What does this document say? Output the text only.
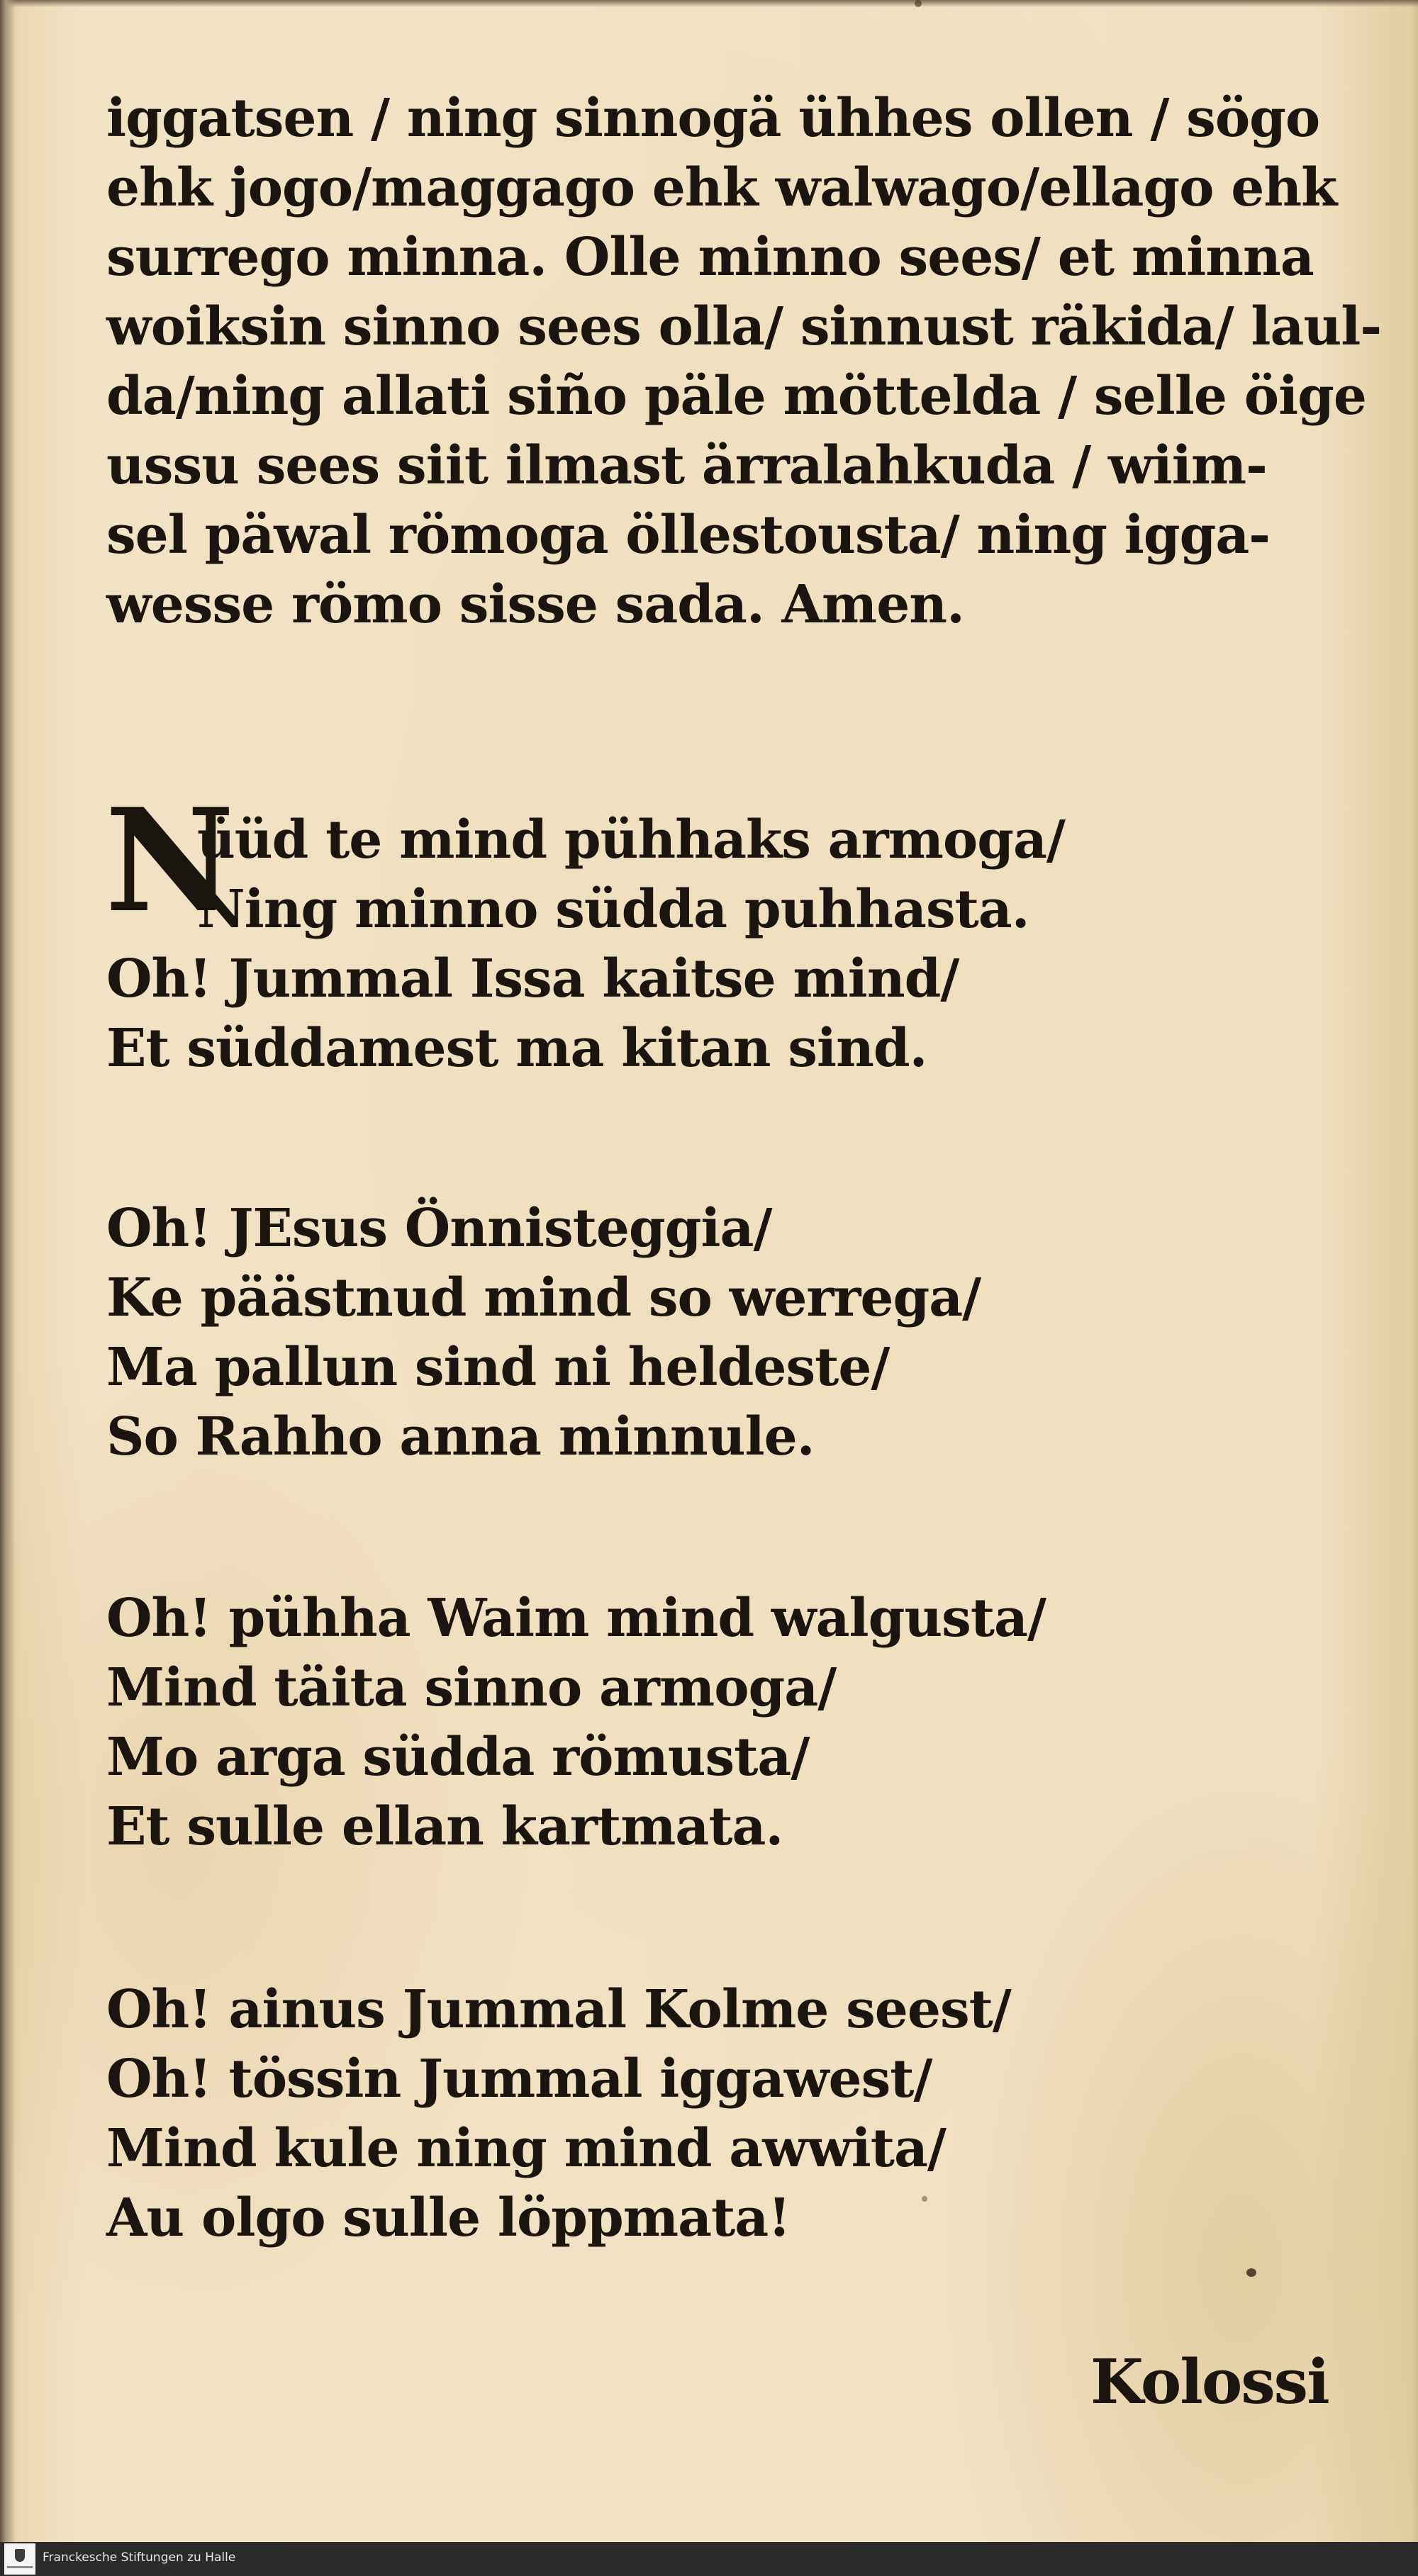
iggatsen / ning sinnogä ühhes ollen / sögo
ehk jogo/maggago ehk walwago/ellago ehk
surrego minna. Olle minno sees/ et minna
woiksin sinno sees olla/ sinnust räkida/ laul-
da/ning allati siño päle möttelda / selle öige
ussu sees siit ilmast ärralahkuda / wiim-
sel päwal römoga öllestousta/ ning igga-
wesse römo sisse sada. Amen.
üüd te mind pühhaks armoga/
Ning minno südda puhhasta.
Oh! Jummal Issa kaitse mind/
Et süddamest ma kitan sind.
Oh! JEsus Önnisteggia/
Ke päästnud mind so werrega/
Ma pallun sind ni heldeste/
So Rahho anna minnule.
Oh! pühha Waim mind walgusta/
Mind täita sinno armoga/
Mo arga südda römusta/
Et sulle ellan kartmata.
Oh! ainus Jummal Kolme seest/
Oh! tössin Jummal iggawest/
Mind kule ning mind awwita/
Au olgo sulle löppmata!
N
Kolossi
Franckesche Stiftungen zu Halle
